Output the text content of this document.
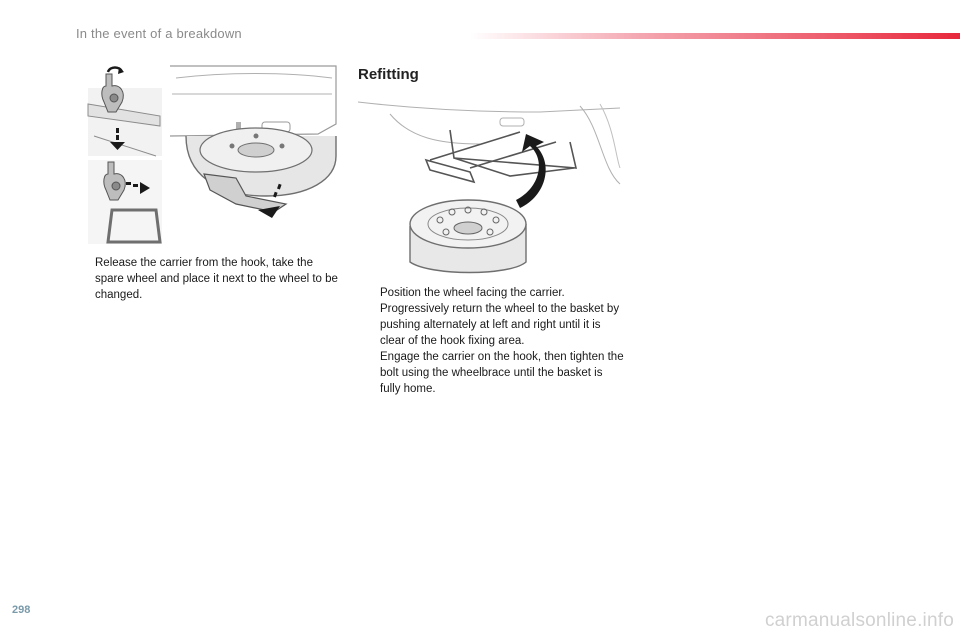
In the event of a breakdown
Refitting
Release the carrier from the hook, take the spare wheel and place it next to the wheel to be changed.	Position the wheel facing the carrier.
Progressively return the wheel to the basket by pushing alternately at left and right until it is clear of the hook fixing area.
Engage the carrier on the hook, then tighten the bolt using the wheelbrace until the basket is fully home.
298	carmanualsonline.info
